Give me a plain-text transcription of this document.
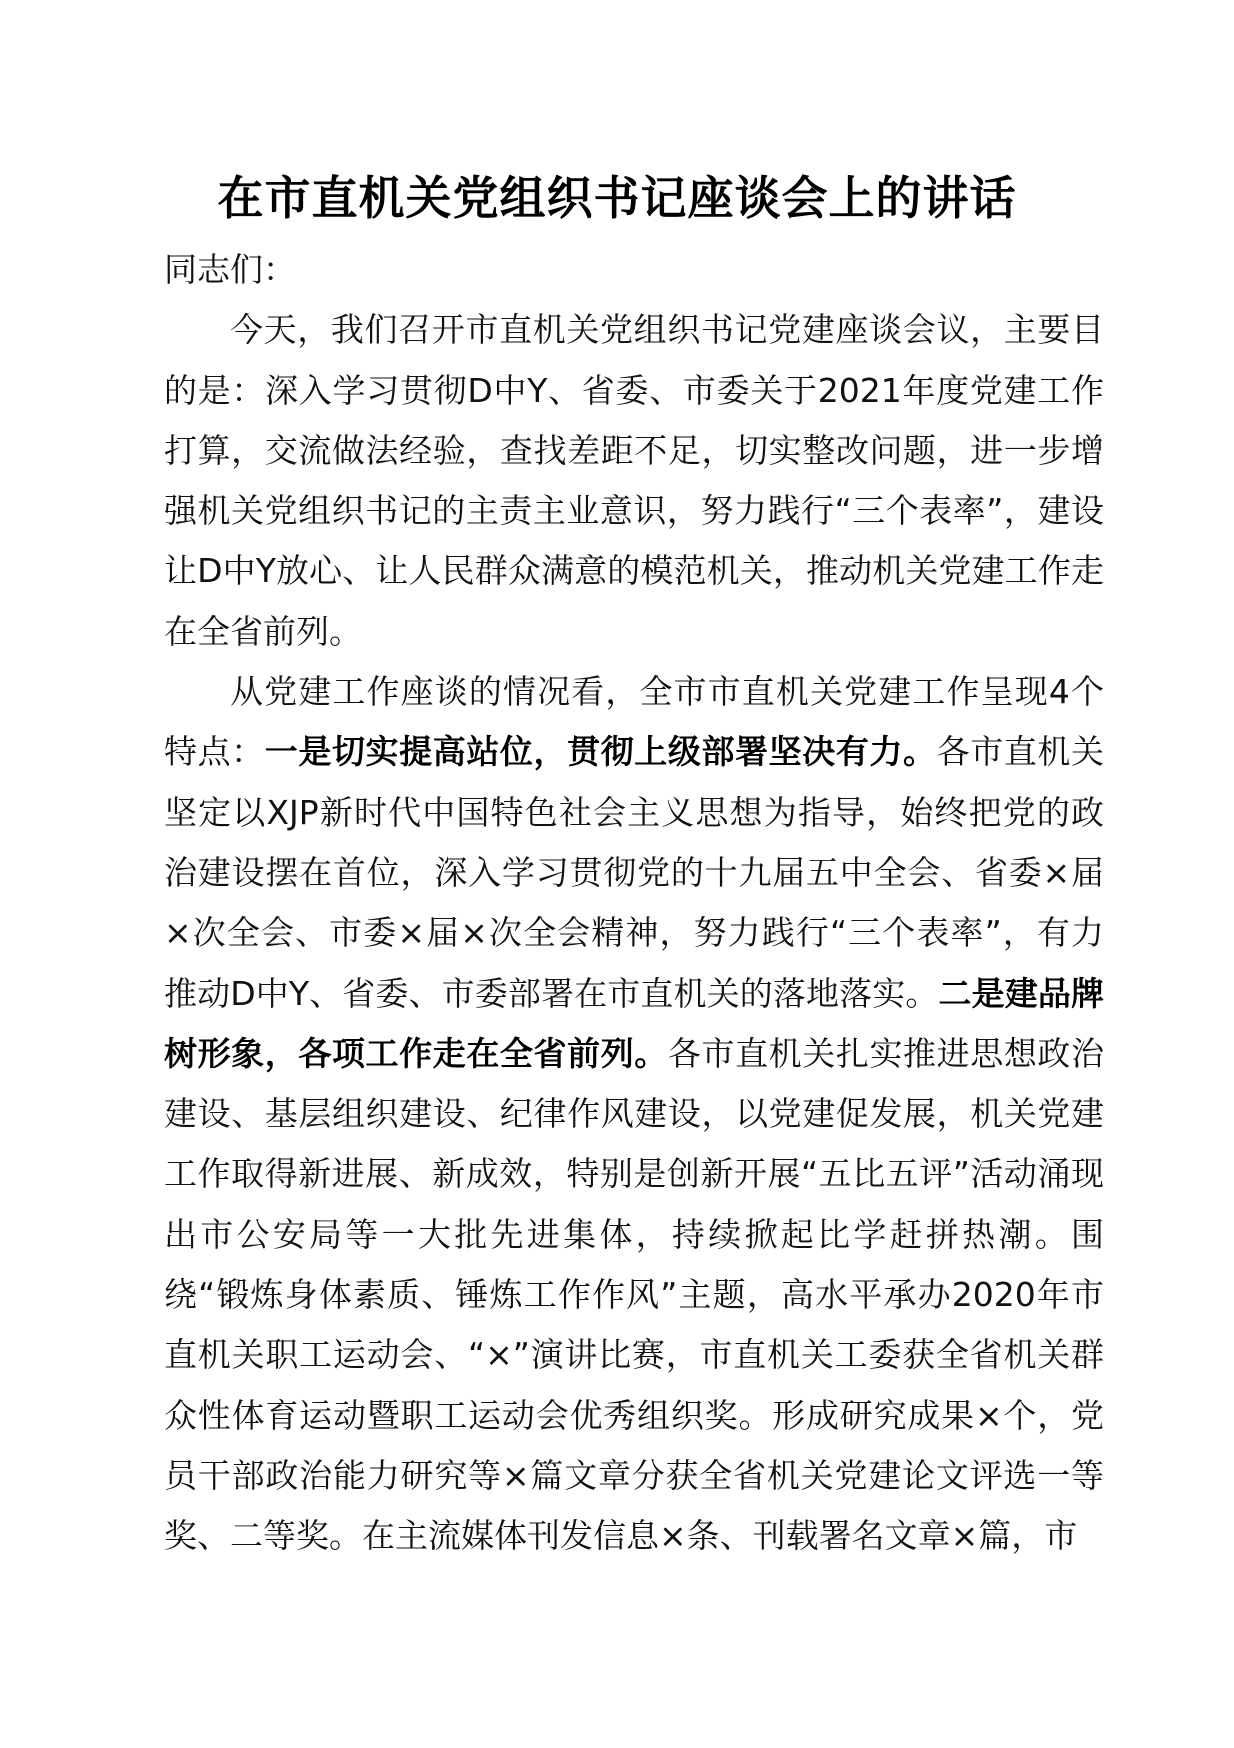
在市直机关党组织书记座谈会上的讲话

同志们：

今天，我们召开市直机关党组织书记党建座谈会议，主要目的是：深入学习贯彻D中Y、省委、市委关于2021年度党建工作打算，交流做法经验，查找差距不足，切实整改问题，进一步增强机关党组织书记的主责主业意识，努力践行“三个表率”，建设让D中Y放心、让人民群众满意的模范机关，推动机关党建工作走在全省前列。

从党建工作座谈的情况看，全市市直机关党建工作呈现4个特点：一是切实提高站位，贯彻上级部署坚决有力。各市直机关坚定以XJP新时代中国特色社会主义思想为指导，始终把党的政治建设摆在首位，深入学习贯彻党的十九届五中全会、省委×届×次全会、市委×届×次全会精神，努力践行“三个表率”，有力推动D中Y、省委、市委部署在市直机关的落地落实。二是建品牌树形象，各项工作走在全省前列。各市直机关扎实推进思想政治建设、基层组织建设、纪律作风建设，以党建促发展，机关党建工作取得新进展、新成效，特别是创新开展“五比五评”活动涌现出市公安局等一大批先进集体，持续掀起比学赶拼热潮。围绕“锻炼身体素质、锤炼工作作风”主题，高水平承办2020年市直机关职工运动会、“×”演讲比赛，市直机关工委获全省机关群众性体育运动暨职工运动会优秀组织奖。形成研究成果×个，党员干部政治能力研究等×篇文章分获全省机关党建论文评选一等奖、二等奖。在主流媒体刊发信息×条、刊载署名文章×篇，市
